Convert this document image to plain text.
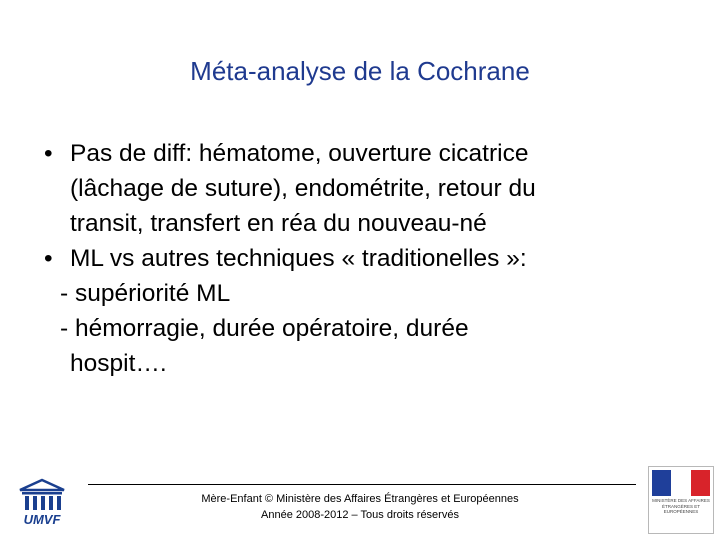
Méta-analyse de la Cochrane
• Pas de diff: hématome, ouverture cicatrice
(lâchage de suture), endométrite, retour du
transit, transfert en réa du nouveau-né
• ML vs autres techniques « traditionelles »:
- supériorité ML
- hémorragie, durée opératoire, durée
hospit….
UMVF
Mère-Enfant © Ministère des Affaires Étrangères et Européennes
Année 2008-2012 – Tous droits réservés
MINISTÈRE DES AFFAIRES ÉTRANGÈRES ET EUROPÉENNES
